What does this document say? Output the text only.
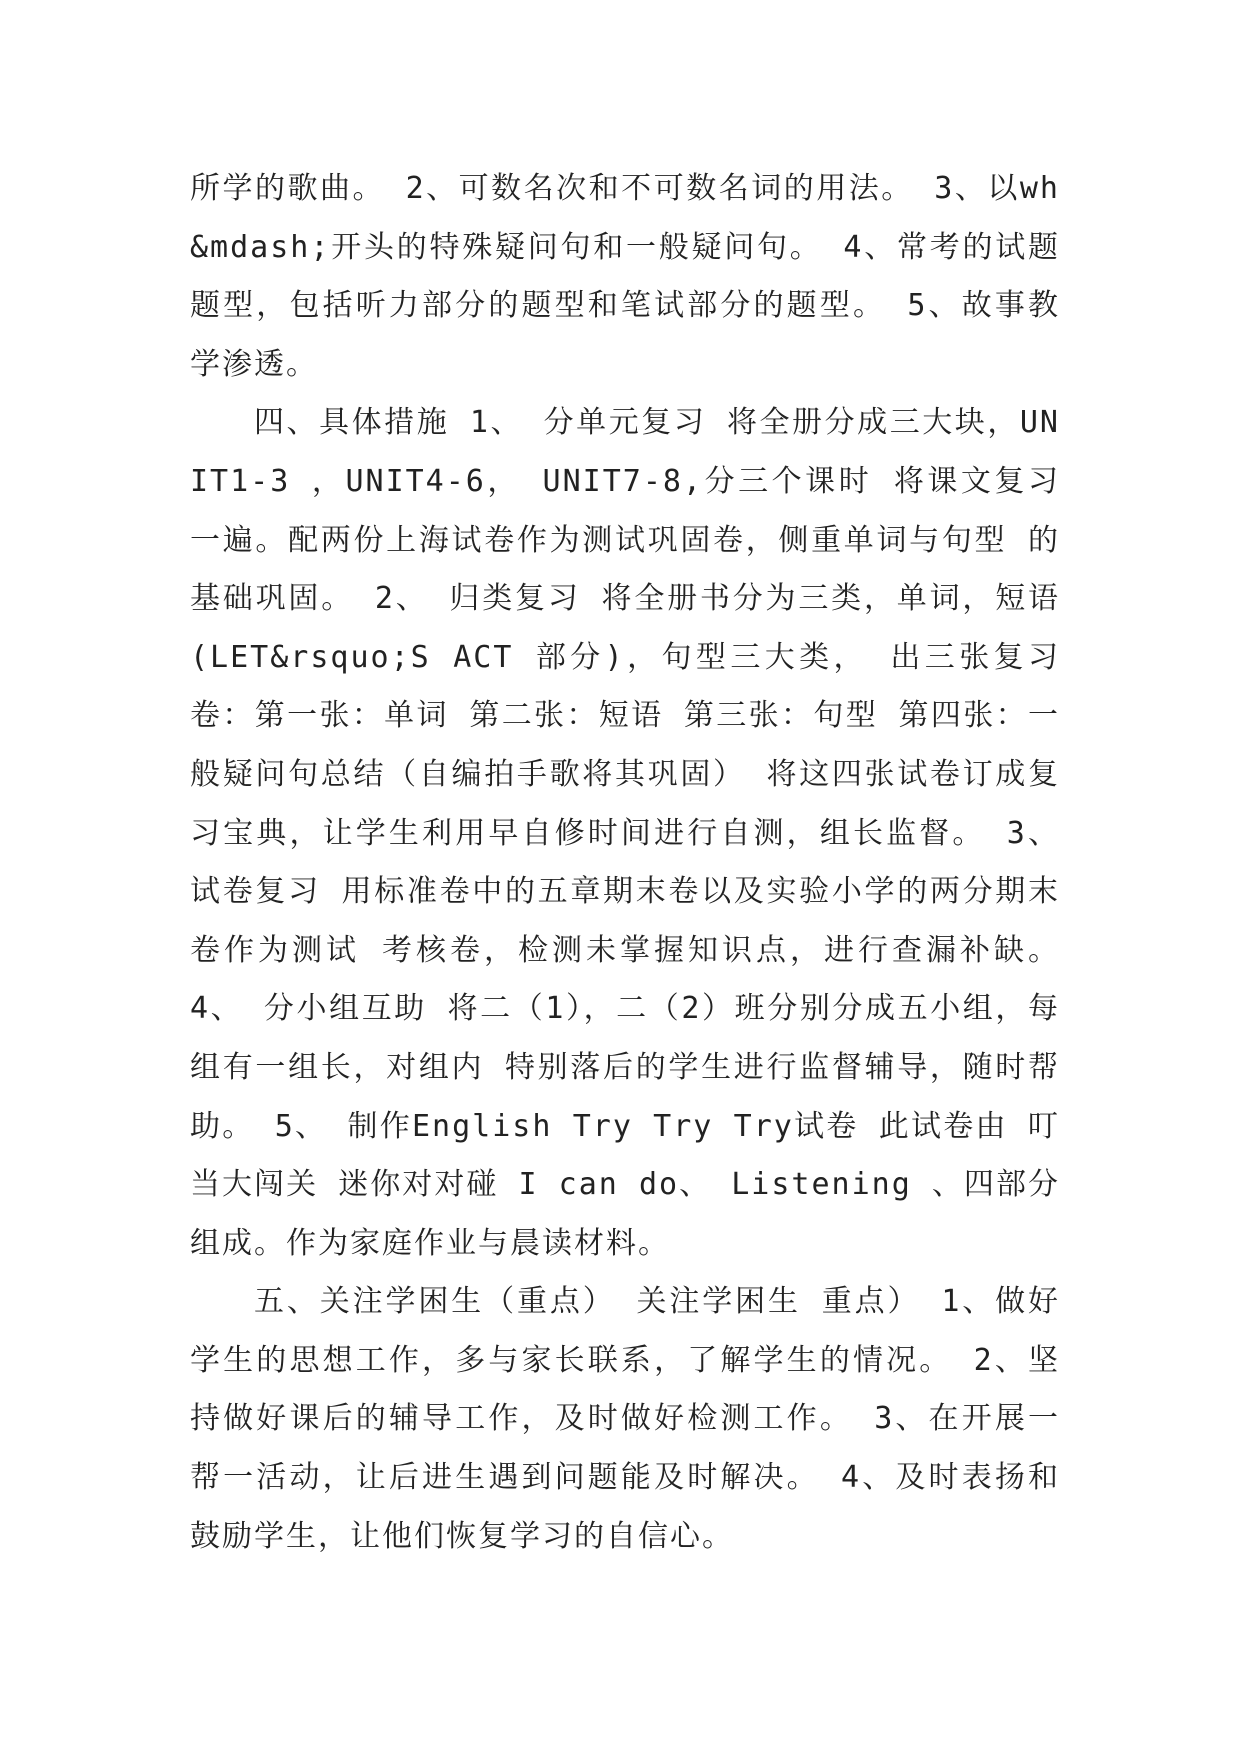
所学的歌曲。 2、可数名次和不可数名词的用法。 3、以wh&mdash;开头的特殊疑问句和一般疑问句。 4、常考的试题题型，包括听力部分的题型和笔试部分的题型。 5、故事教学渗透。

四、具体措施 1、 分单元复习 将全册分成三大块，UNIT1-3 ，UNIT4-6， UNIT7-8,分三个课时 将课文复习一遍。配两份上海试卷作为测试巩固卷，侧重单词与句型 的基础巩固。 2、 归类复习 将全册书分为三类，单词，短语(LET&rsquo;S ACT 部分)，句型三大类， 出三张复习卷：第一张：单词 第二张：短语 第三张：句型 第四张：一般疑问句总结（自编拍手歌将其巩固） 将这四张试卷订成复习宝典，让学生利用早自修时间进行自测，组长监督。 3、试卷复习 用标准卷中的五章期末卷以及实验小学的两分期末卷作为测试 考核卷，检测未掌握知识点，进行查漏补缺。 4、 分小组互助 将二（1），二（2）班分别分成五小组，每组有一组长，对组内 特别落后的学生进行监督辅导，随时帮助。 5、 制作English Try Try Try试卷 此试卷由 叮当大闯关 迷你对对碰 I can do、 Listening 、四部分组成。作为家庭作业与晨读材料。

五、关注学困生（重点） 关注学困生 重点） 1、做好学生的思想工作，多与家长联系，了解学生的情况。 2、坚持做好课后的辅导工作，及时做好检测工作。 3、在开展一帮一活动，让后进生遇到问题能及时解决。 4、及时表扬和鼓励学生，让他们恢复学习的自信心。
